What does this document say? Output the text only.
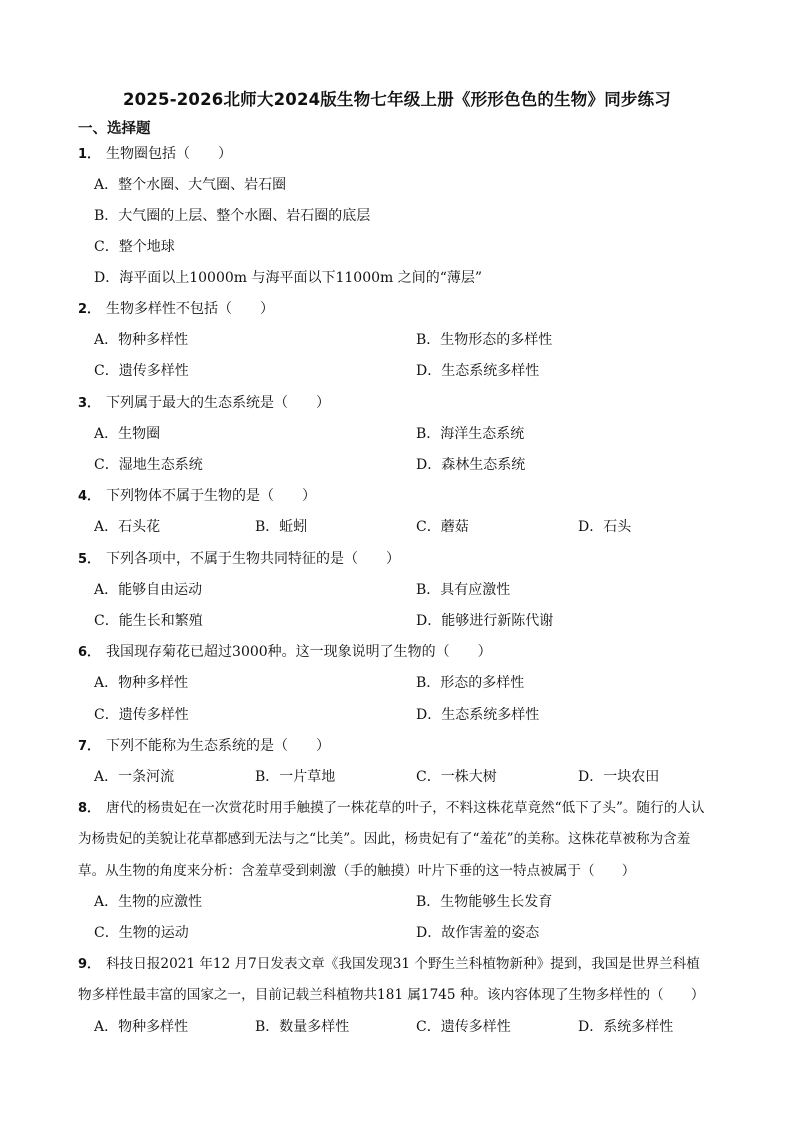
2025-2026北师大2024版生物七年级上册《形形色色的生物》同步练习
一、选择题
1． 生物圈包括（　　）
A．整个水圈、大气圈、岩石圈
B．大气圈的上层、整个水圈、岩石圈的底层
C．整个地球
D．海平面以上10000m 与海平面以下11000m 之间的“薄层”
2． 生物多样性不包括（　　）
A．物种多样性	B．生物形态的多样性
C．遗传多样性	D．生态系统多样性
3． 下列属于最大的生态系统是（　　）
A．生物圈	B．海洋生态系统
C．湿地生态系统	D．森林生态系统
4． 下列物体不属于生物的是（　　）
A．石头花	B．蚯蚓	C．蘑菇	D．石头
5． 下列各项中，不属于生物共同特征的是（　　）
A．能够自由运动	B．具有应激性
C．能生长和繁殖	D．能够进行新陈代谢
6． 我国现存菊花已超过3000种。这一现象说明了生物的（　　）
A．物种多样性	B．形态的多样性
C．遗传多样性	D．生态系统多样性
7． 下列不能称为生态系统的是（　　）
A．一条河流	B．一片草地	C．一株大树	D．一块农田
8． 唐代的杨贵妃在一次赏花时用手触摸了一株花草的叶子，不料这株花草竟然“低下了头”。随行的人认
为杨贵妃的美貌让花草都感到无法与之“比美”。因此，杨贵妃有了“羞花”的美称。这株花草被称为含羞
草。从生物的角度来分析：含羞草受到刺激（手的触摸）叶片下垂的这一特点被属于（　　）
A．生物的应激性	B．生物能够生长发育
C．生物的运动	D．故作害羞的姿态
9． 科技日报2021 年12 月7日发表文章《我国发现31 个野生兰科植物新种》提到，我国是世界兰科植
物多样性最丰富的国家之一，目前记载兰科植物共181 属1745 种。该内容体现了生物多样性的（　　）
A．物种多样性	B．数量多样性	C．遗传多样性	D．系统多样性
